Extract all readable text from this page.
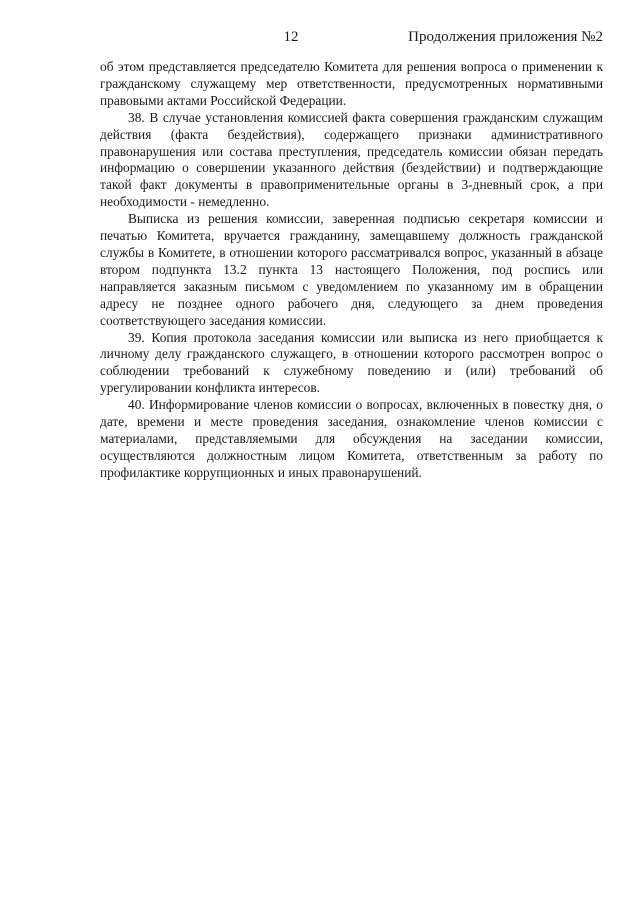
12	Продолжения приложения №2

об этом представляется председателю Комитета для решения вопроса о применении к гражданскому служащему мер ответственности, предусмотренных нормативными правовыми актами Российской Федерации.

38. В случае установления комиссией факта совершения гражданским служащим действия (факта бездействия), содержащего признаки административного правонарушения или состава преступления, председатель комиссии обязан передать информацию о совершении указанного действия (бездействии) и подтверждающие такой факт документы в правоприменительные органы в 3-дневный срок, а при необходимости - немедленно.

Выписка из решения комиссии, заверенная подписью секретаря комиссии и печатью Комитета, вручается гражданину, замещавшему должность гражданской службы в Комитете, в отношении которого рассматривался вопрос, указанный в абзаце втором подпункта 13.2 пункта 13 настоящего Положения, под роспись или направляется заказным письмом с уведомлением по указанному им в обращении адресу не позднее одного рабочего дня, следующего за днем проведения соответствующего заседания комиссии.

39. Копия протокола заседания комиссии или выписка из него приобщается к личному делу гражданского служащего, в отношении которого рассмотрен вопрос о соблюдении требований к служебному поведению и (или) требований об урегулировании конфликта интересов.

40. Информирование членов комиссии о вопросах, включенных в повестку дня, о дате, времени и месте проведения заседания, ознакомление членов комиссии с материалами, представляемыми для обсуждения на заседании комиссии, осуществляются должностным лицом Комитета, ответственным за работу по профилактике коррупционных и иных правонарушений.
